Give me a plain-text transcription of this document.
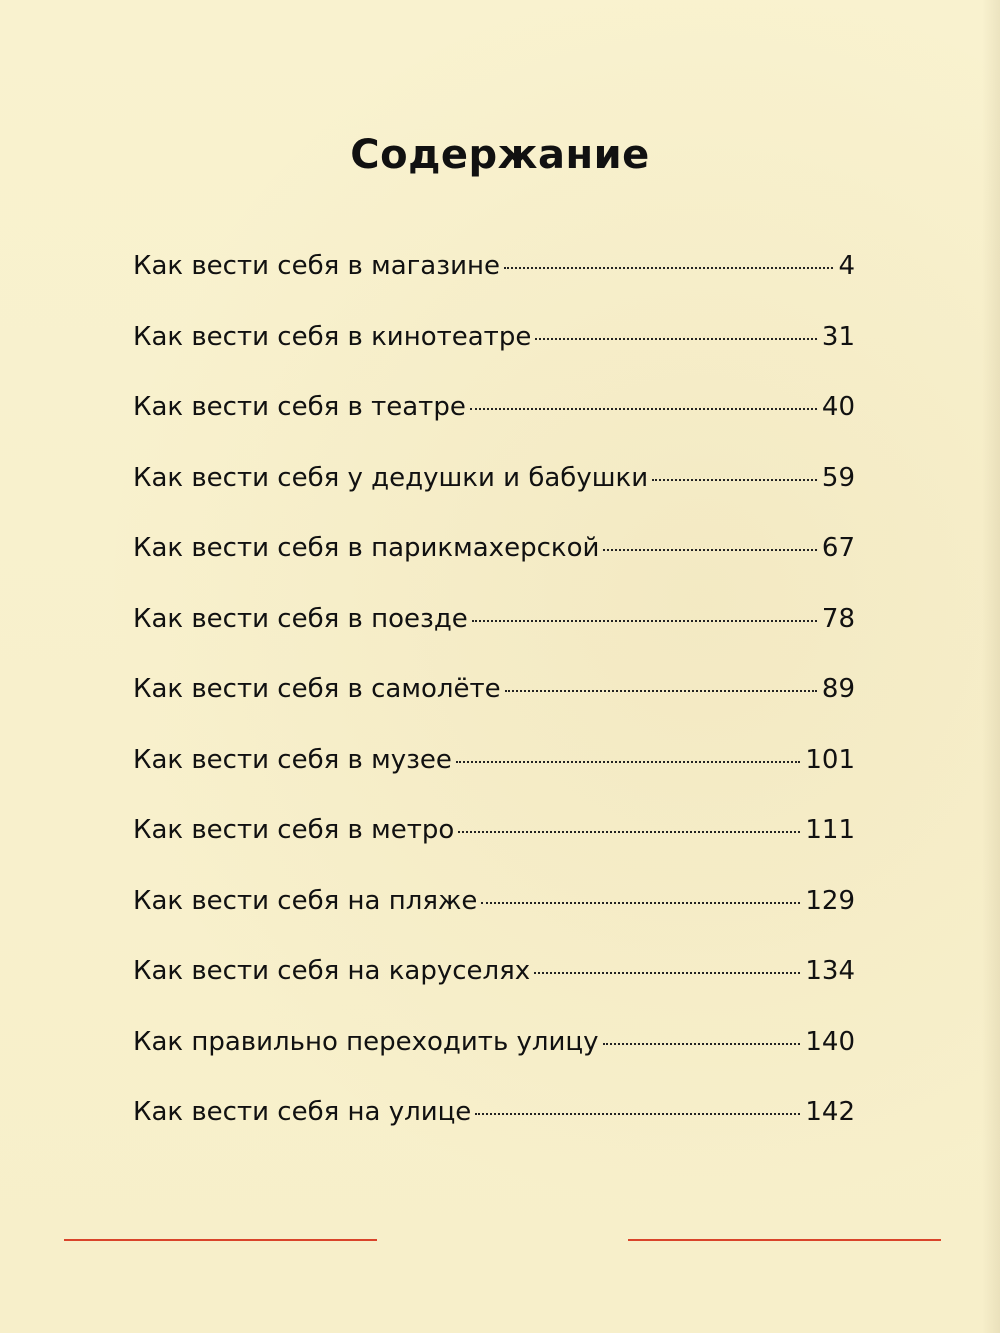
Содержание
Как вести себя в магазине	4
Как вести себя в кинотеатре	31
Как вести себя в театре	40
Как вести себя у дедушки и бабушки	59
Как вести себя в парикмахерской	67
Как вести себя в поезде	78
Как вести себя в самолёте	89
Как вести себя в музее	101
Как вести себя в метро	111
Как вести себя на пляже	129
Как вести себя на каруселях	134
Как правильно переходить улицу	140
Как вести себя на улице	142
